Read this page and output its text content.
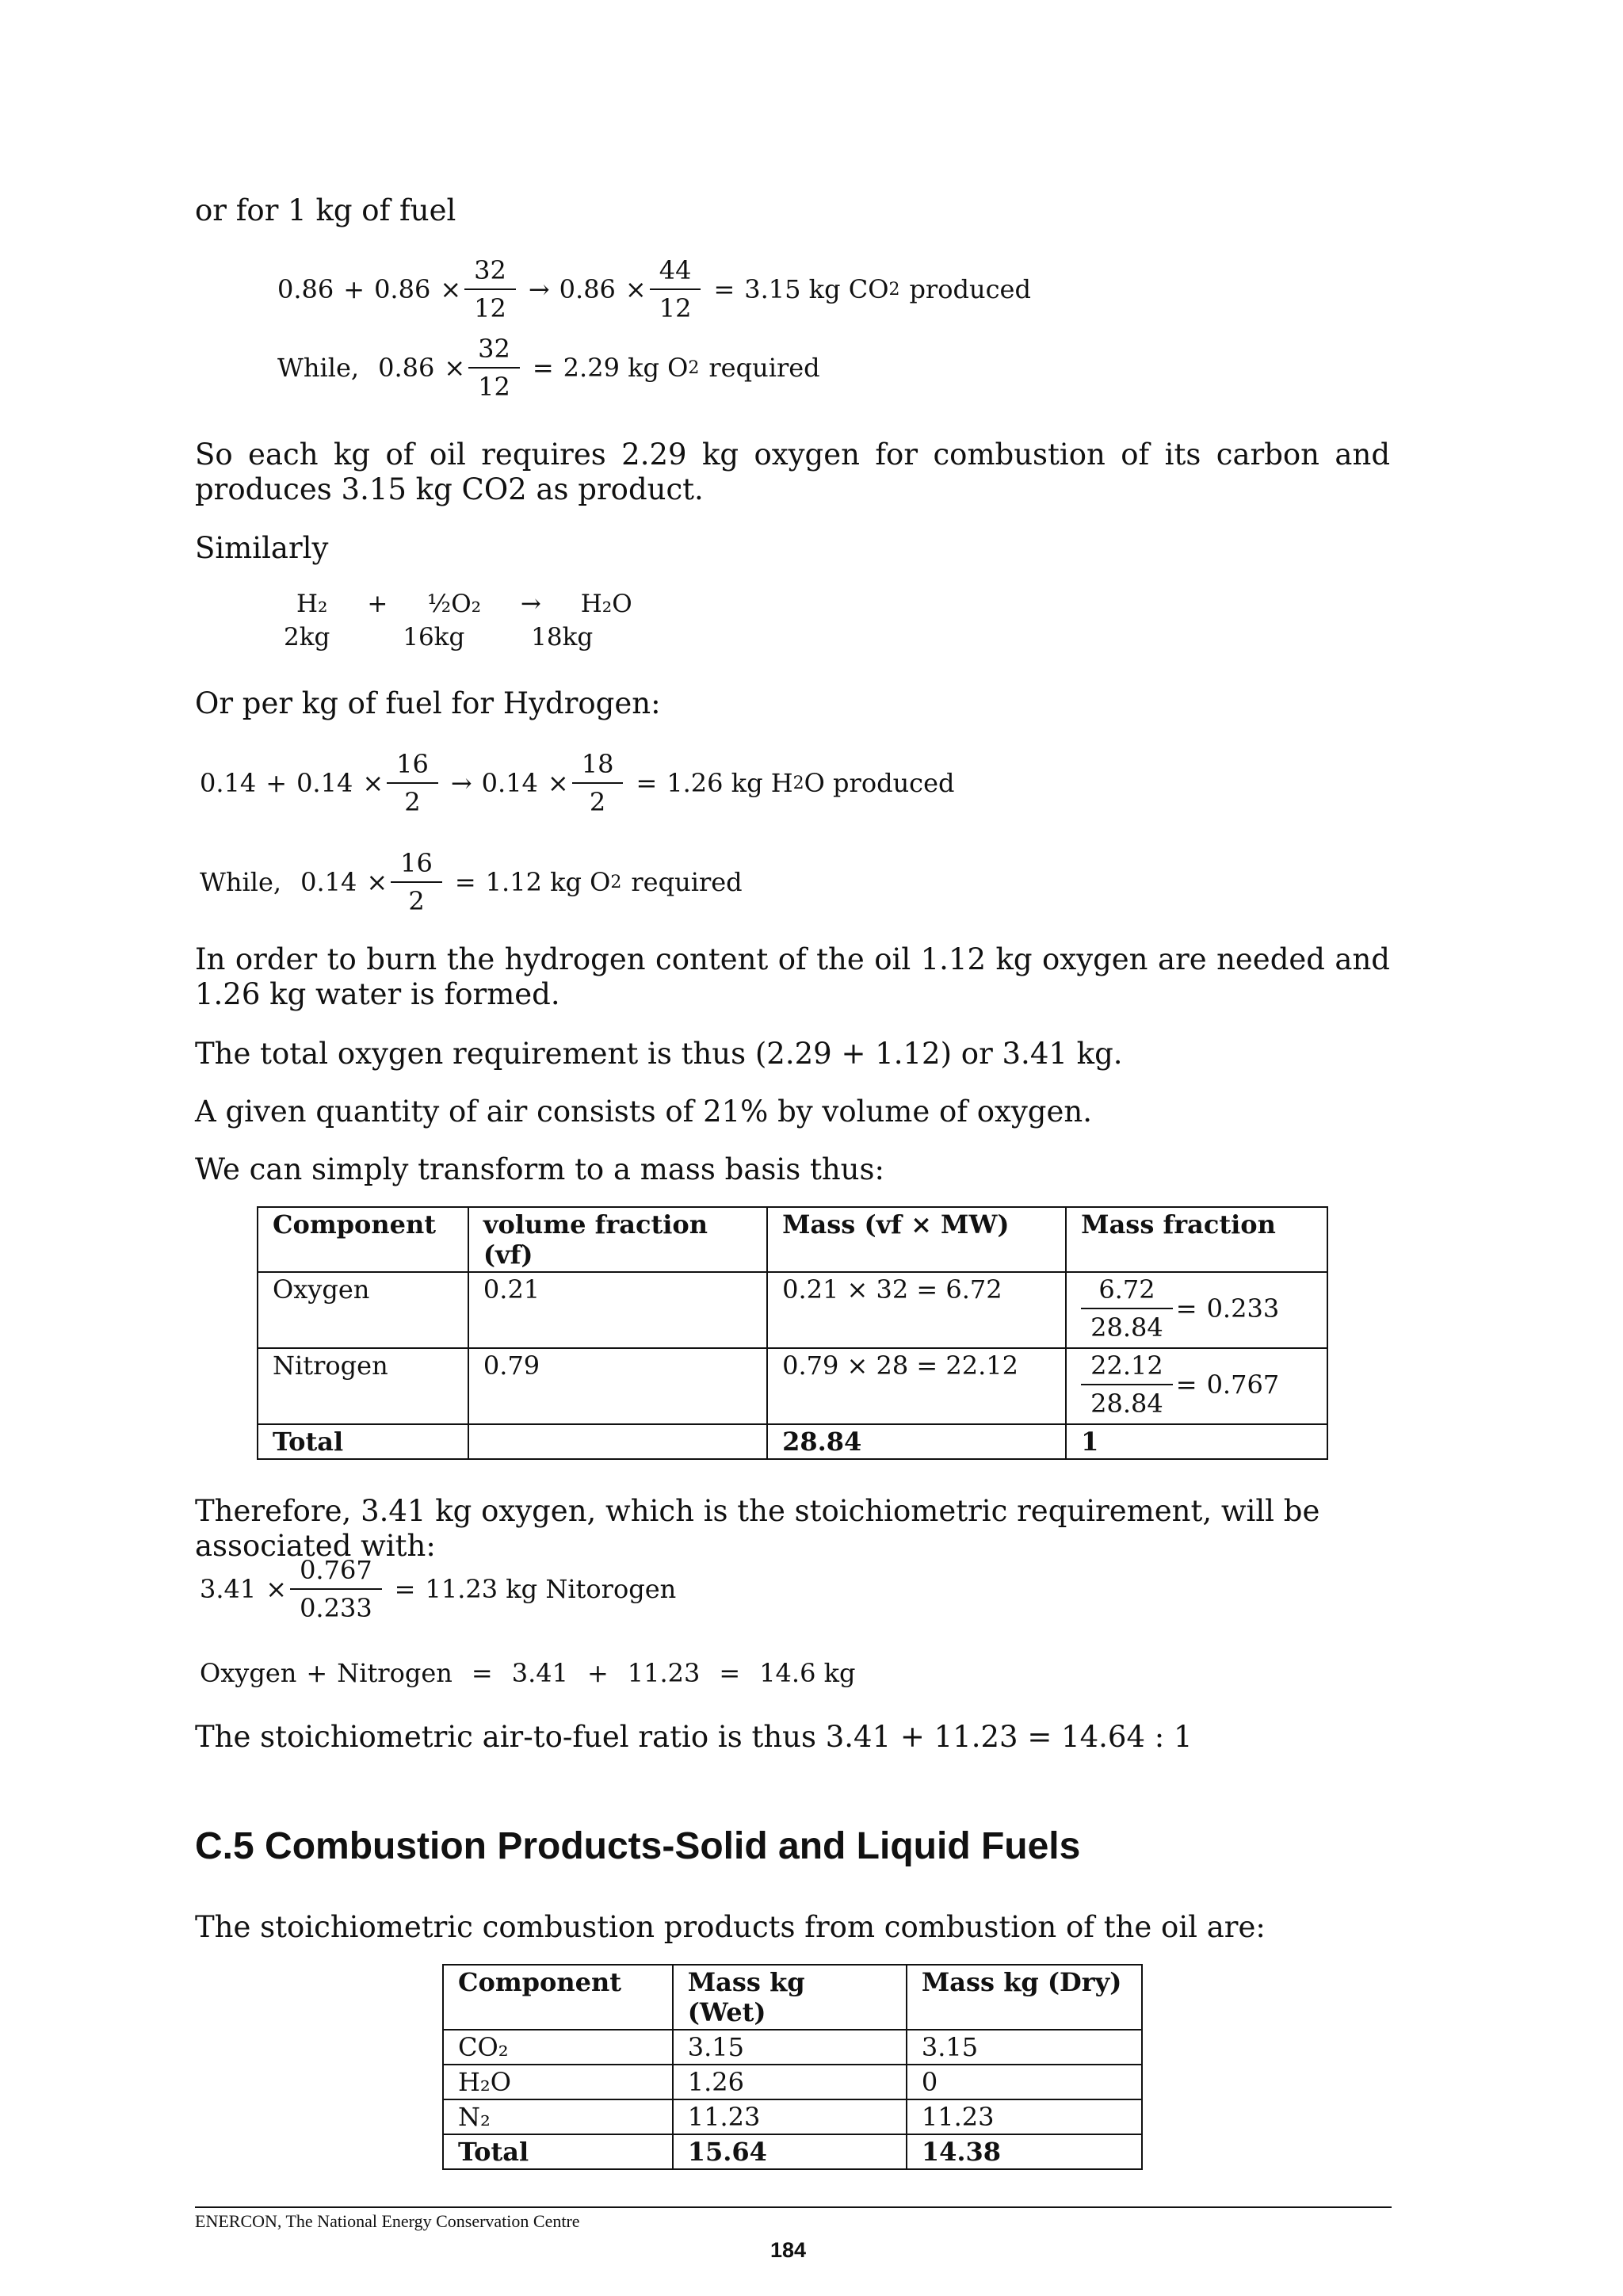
or for 1 kg of fuel
$0.86 + 0.86 \times \frac{32}{12} \to 0.86 \times \frac{44}{12} = 3.15$ kg CO 2 produced
While, $0.86 \times \frac{32}{12} = 2.29$ kg O 2 required
So each kg of oil requires 2.29 kg oxygen for combustion of its carbon and produces 3.15 kg CO2 as product.
Similarly
H₂ + ½O₂ → H₂O
2kg	16kg	18kg
Or per kg of fuel for Hydrogen:
$0.14 + 0.14 \times \frac{16}{2} \to 0.14 \times \frac{18}{2} = 1.26$ kg H 2 O produced
While, $0.14 \times \frac{16}{2} = 1.12$ kg O 2 required
In order to burn the hydrogen content of the oil 1.12 kg oxygen are needed and 1.26 kg water is formed.
The total oxygen requirement is thus (2.29 + 1.12) or 3.41 kg.
A given quantity of air consists of 21% by volume of oxygen.
We can simply transform to a mass basis thus:
Component	volume fraction (vf)	Mass (vf × MW)	Mass fraction
Oxygen	0.21	0.21 × 32 = 6.72	$\frac{6.72}{28.84} = 0.233$

Nitrogen	0.79	0.79 × 28 = 22.12	$\frac{22.12}{28.84} = 0.767$

Total		28.84	1
Therefore, 3.41 kg oxygen, which is the stoichiometric requirement, will be associated with:
$3.41 \times \frac{0.767}{0.233} = 11.23$ kg Nitorogen
Oxygen + Nitrogen = 3.41 + 11.23 = 14.6 kg
The stoichiometric air-to-fuel ratio is thus 3.41 + 11.23 = 14.64 : 1
C.5 Combustion Products-Solid and Liquid Fuels
The stoichiometric combustion products from combustion of the oil are:
Component	Mass kg (Wet)	Mass kg (Dry)
CO₂	3.15	3.15
H₂O	1.26	0
N₂	11.23	11.23
Total	15.64	14.38
ENERCON, The National Energy Conservation Centre
184
